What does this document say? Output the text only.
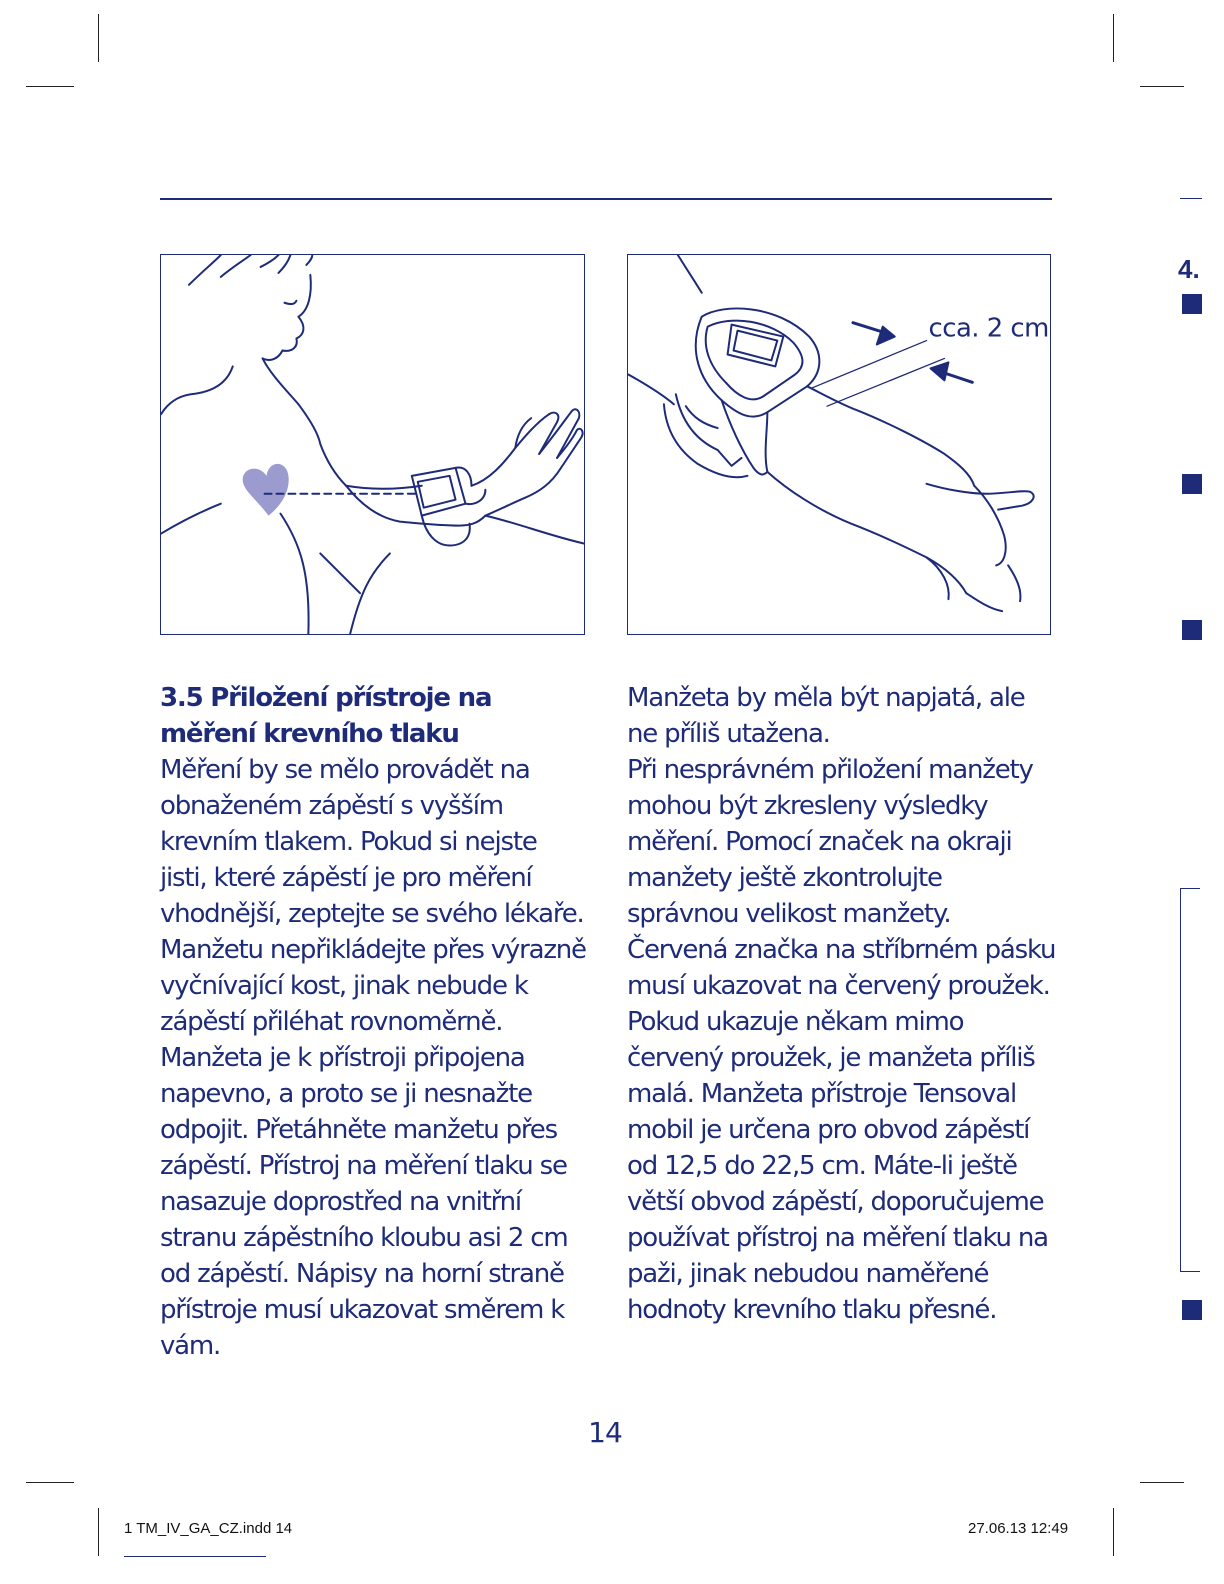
cca. 2 cm

3.5 Přiložení přístroje na měření krevního tlaku

Měření by se mělo provádět na obnaženém zápěstí s vyšším krevním tlakem. Pokud si nejste jisti, které zápěstí je pro měření vhodnější, zeptejte se svého lékaře. Manžetu nepřikládejte přes výrazně vyčnívající kost, jinak nebude k zápěstí přiléhat rovnoměrně. Manžeta je k přístroji připojena napevno, a proto se ji nesnažte odpojit. Přetáhněte manžetu přes zápěstí. Přístroj na měření tlaku se nasazuje doprostřed na vnitřní stranu zápěstního kloubu asi 2 cm od zápěstí. Nápisy na horní straně přístroje musí ukazovat směrem k vám.

Manžeta by měla být napjatá, ale ne příliš utažena.

Při nesprávném přiložení manžety mohou být zkresleny výsledky měření. Pomocí značek na okraji manžety ještě zkontrolujte správnou velikost manžety. Červená značka na stříbrném pásku musí ukazovat na červený proužek. Pokud ukazuje někam mimo červený proužek, je manžeta příliš malá. Manžeta přístroje Tensoval mobil je určena pro obvod zápěstí od 12,5 do 22,5 cm. Máte-li ještě větší obvod zápěstí, doporučujeme používat přístroj na měření tlaku na paži, jinak nebudou naměřené hodnoty krevního tlaku přesné.

4.
14
1 TM_IV_GA_CZ.indd 14	27.06.13 12:49
